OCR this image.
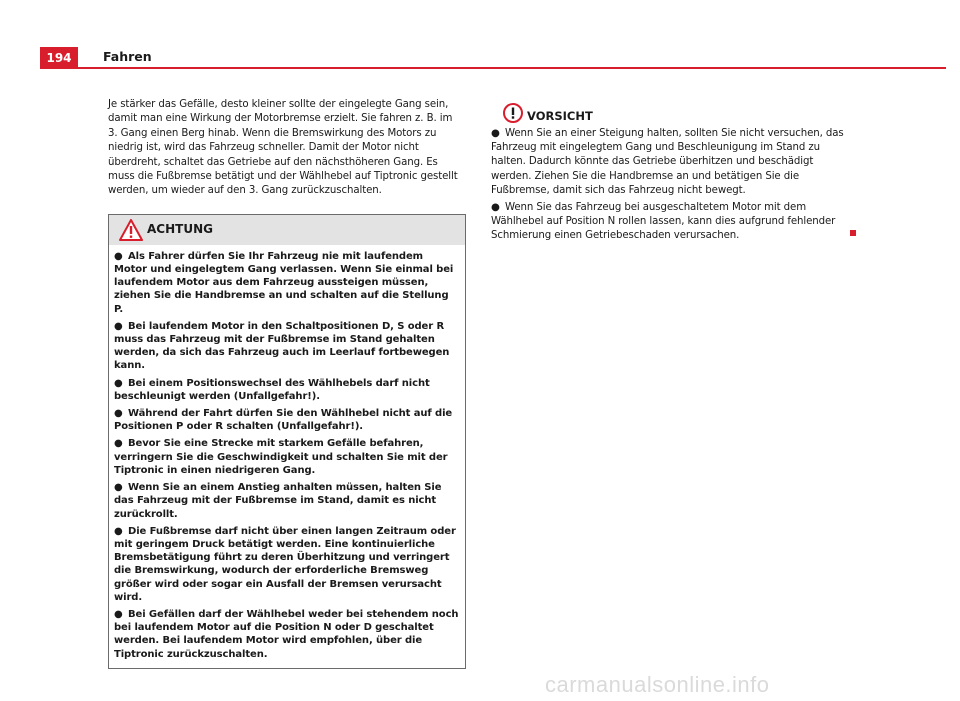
194	Fahren

Je stärker das Gefälle, desto kleiner sollte der eingelegte Gang sein, damit man eine Wirkung der Motorbremse erzielt. Sie fahren z. B. im 3. Gang einen Berg hinab. Wenn die Bremswirkung des Motors zu niedrig ist, wird das Fahrzeug schneller. Damit der Motor nicht überdreht, schaltet das Getriebe auf den nächsthöheren Gang. Es muss die Fußbremse betätigt und der Wählhebel auf Tiptronic gestellt werden, um wieder auf den 3. Gang zurückzuschalten.

ACHTUNG

● Als Fahrer dürfen Sie Ihr Fahrzeug nie mit laufendem Motor und eingelegtem Gang verlassen. Wenn Sie einmal bei laufendem Motor aus dem Fahrzeug aussteigen müssen, ziehen Sie die Handbremse an und schalten auf die Stellung P.

● Bei laufendem Motor in den Schaltpositionen D, S oder R muss das Fahrzeug mit der Fußbremse im Stand gehalten werden, da sich das Fahrzeug auch im Leerlauf fortbewegen kann.

● Bei einem Positionswechsel des Wählhebels darf nicht beschleunigt werden (Unfallgefahr!).

● Während der Fahrt dürfen Sie den Wählhebel nicht auf die Positionen P oder R schalten (Unfallgefahr!).

● Bevor Sie eine Strecke mit starkem Gefälle befahren, verringern Sie die Geschwindigkeit und schalten Sie mit der Tiptronic in einen niedrigeren Gang.

● Wenn Sie an einem Anstieg anhalten müssen, halten Sie das Fahrzeug mit der Fußbremse im Stand, damit es nicht zurückrollt.

● Die Fußbremse darf nicht über einen langen Zeitraum oder mit geringem Druck betätigt werden. Eine kontinuierliche Bremsbetätigung führt zu deren Überhitzung und verringert die Bremswirkung, wodurch der erforderliche Bremsweg größer wird oder sogar ein Ausfall der Bremsen verursacht wird.

● Bei Gefällen darf der Wählhebel weder bei stehendem noch bei laufendem Motor auf die Position N oder D geschaltet werden. Bei laufendem Motor wird empfohlen, über die Tiptronic zurückzuschalten.

VORSICHT

● Wenn Sie an einer Steigung halten, sollten Sie nicht versuchen, das Fahrzeug mit eingelegtem Gang und Beschleunigung im Stand zu halten. Dadurch könnte das Getriebe überhitzen und beschädigt werden. Ziehen Sie die Handbremse an und betätigen Sie die Fußbremse, damit sich das Fahrzeug nicht bewegt.

● Wenn Sie das Fahrzeug bei ausgeschaltetem Motor mit dem Wählhebel auf Position N rollen lassen, kann dies aufgrund fehlender Schmierung einen Getriebeschaden verursachen.

carmanualsonline.info
